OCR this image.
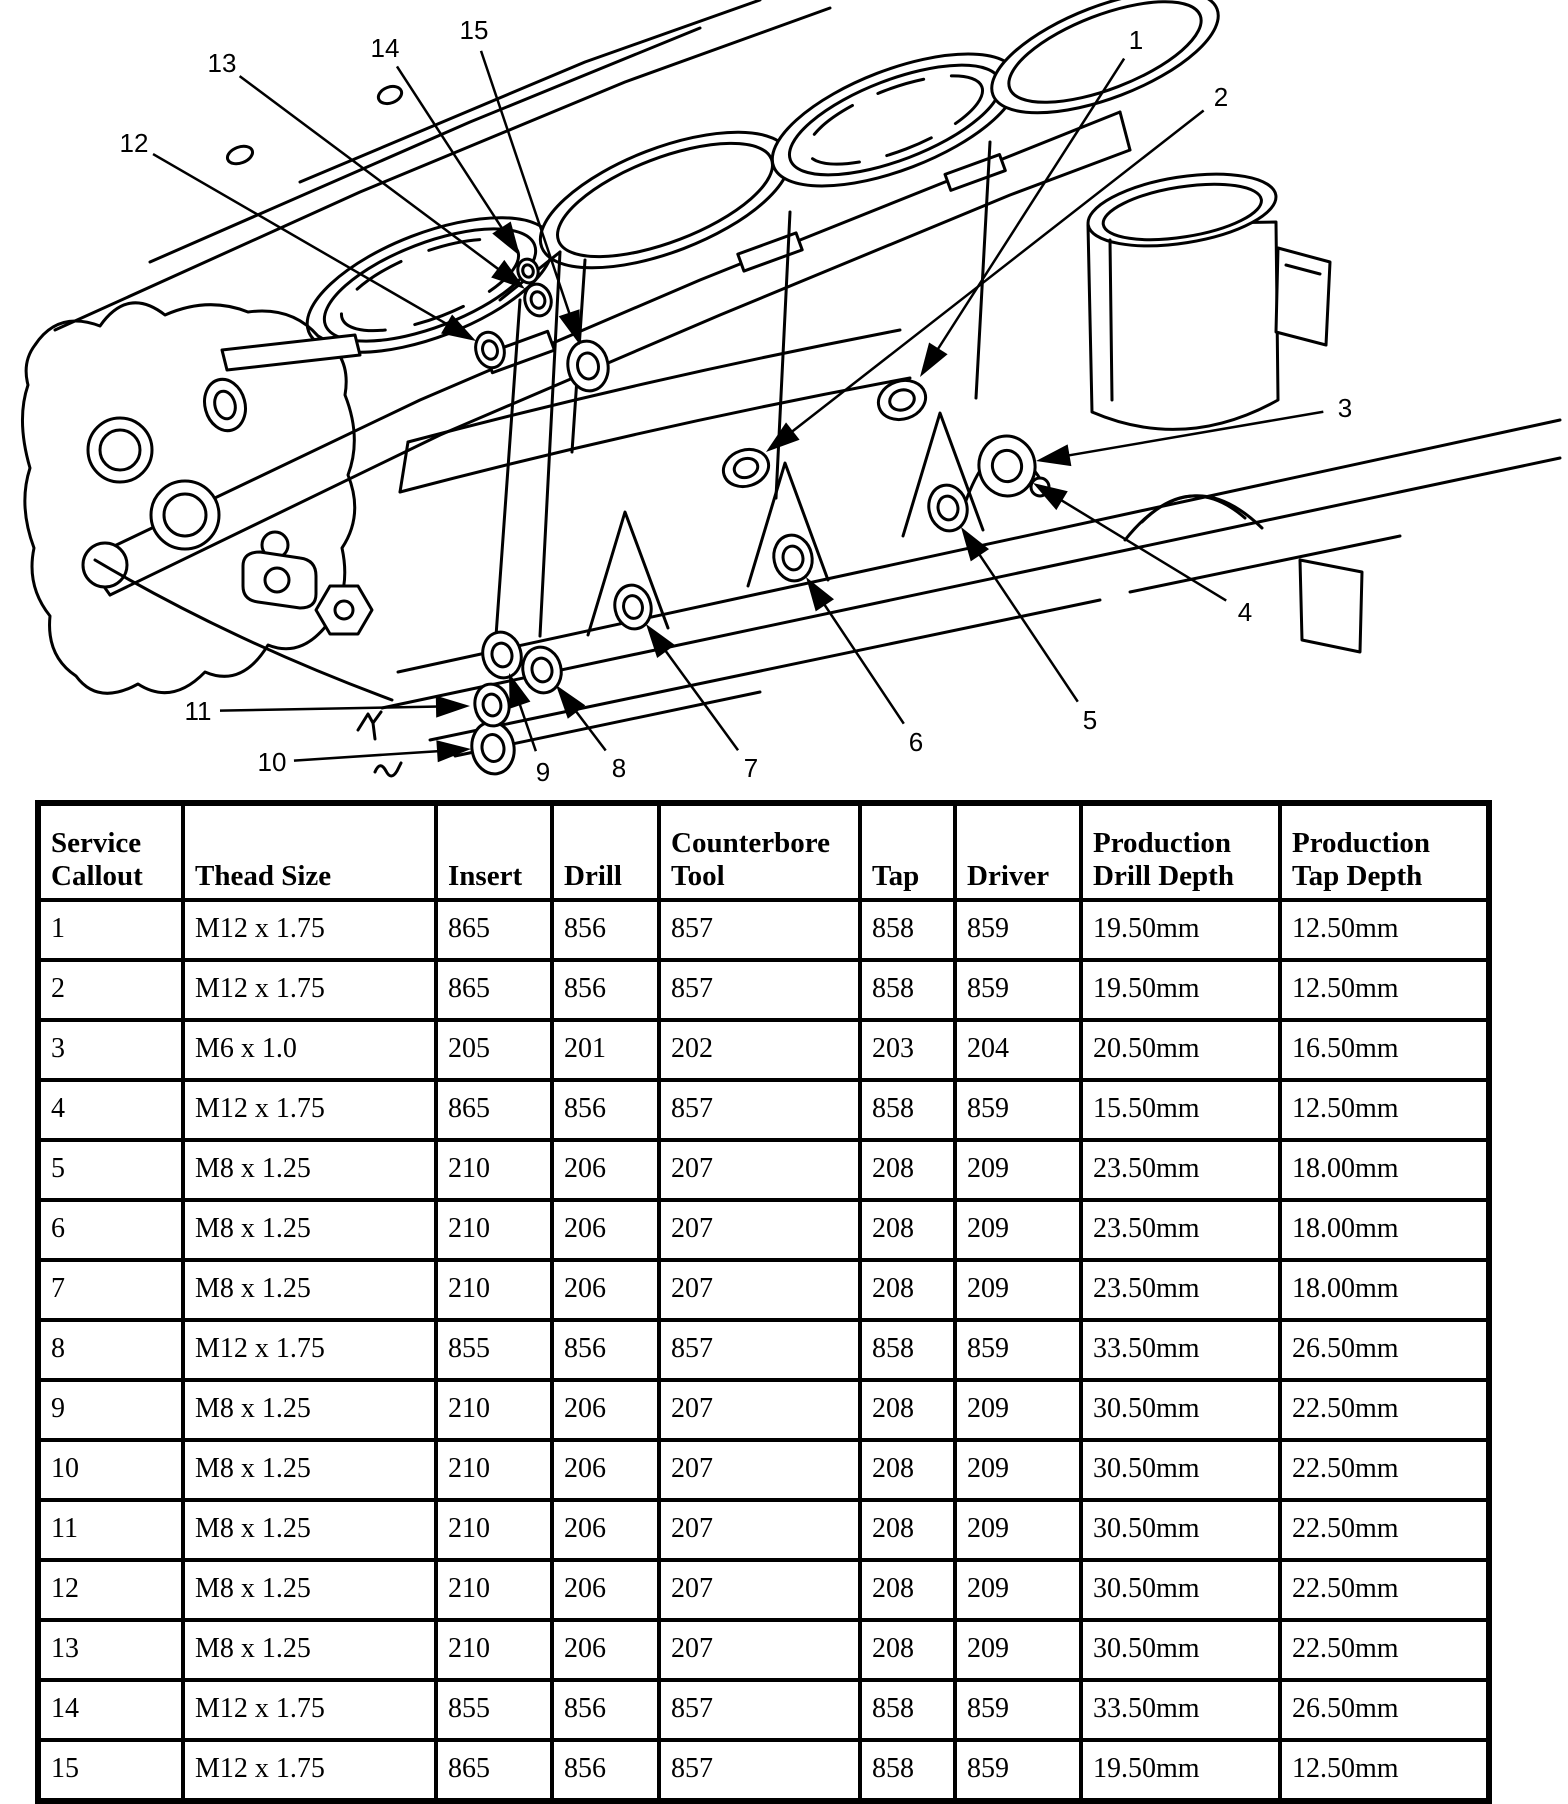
1
2
3
4
5
6
7
8
9
10
11
12
13	14
15
Service Callout	Thead Size	Insert	Drill	Counterbore Tool	Tap	Driver	Production Drill Depth	Production Tap Depth
1	M12 x 1.75	865	856	857	858	859	19.50mm	12.50mm
2	M12 x 1.75	865	856	857	858	859	19.50mm	12.50mm
3	M6 x 1.0	205	201	202	203	204	20.50mm	16.50mm
4	M12 x 1.75	865	856	857	858	859	15.50mm	12.50mm
5	M8 x 1.25	210	206	207	208	209	23.50mm	18.00mm
6	M8 x 1.25	210	206	207	208	209	23.50mm	18.00mm
7	M8 x 1.25	210	206	207	208	209	23.50mm	18.00mm
8	M12 x 1.75	855	856	857	858	859	33.50mm	26.50mm
9	M8 x 1.25	210	206	207	208	209	30.50mm	22.50mm
10	M8 x 1.25	210	206	207	208	209	30.50mm	22.50mm
11	M8 x 1.25	210	206	207	208	209	30.50mm	22.50mm
12	M8 x 1.25	210	206	207	208	209	30.50mm	22.50mm
13	M8 x 1.25	210	206	207	208	209	30.50mm	22.50mm
14	M12 x 1.75	855	856	857	858	859	33.50mm	26.50mm
15	M12 x 1.75	865	856	857	858	859	19.50mm	12.50mm
